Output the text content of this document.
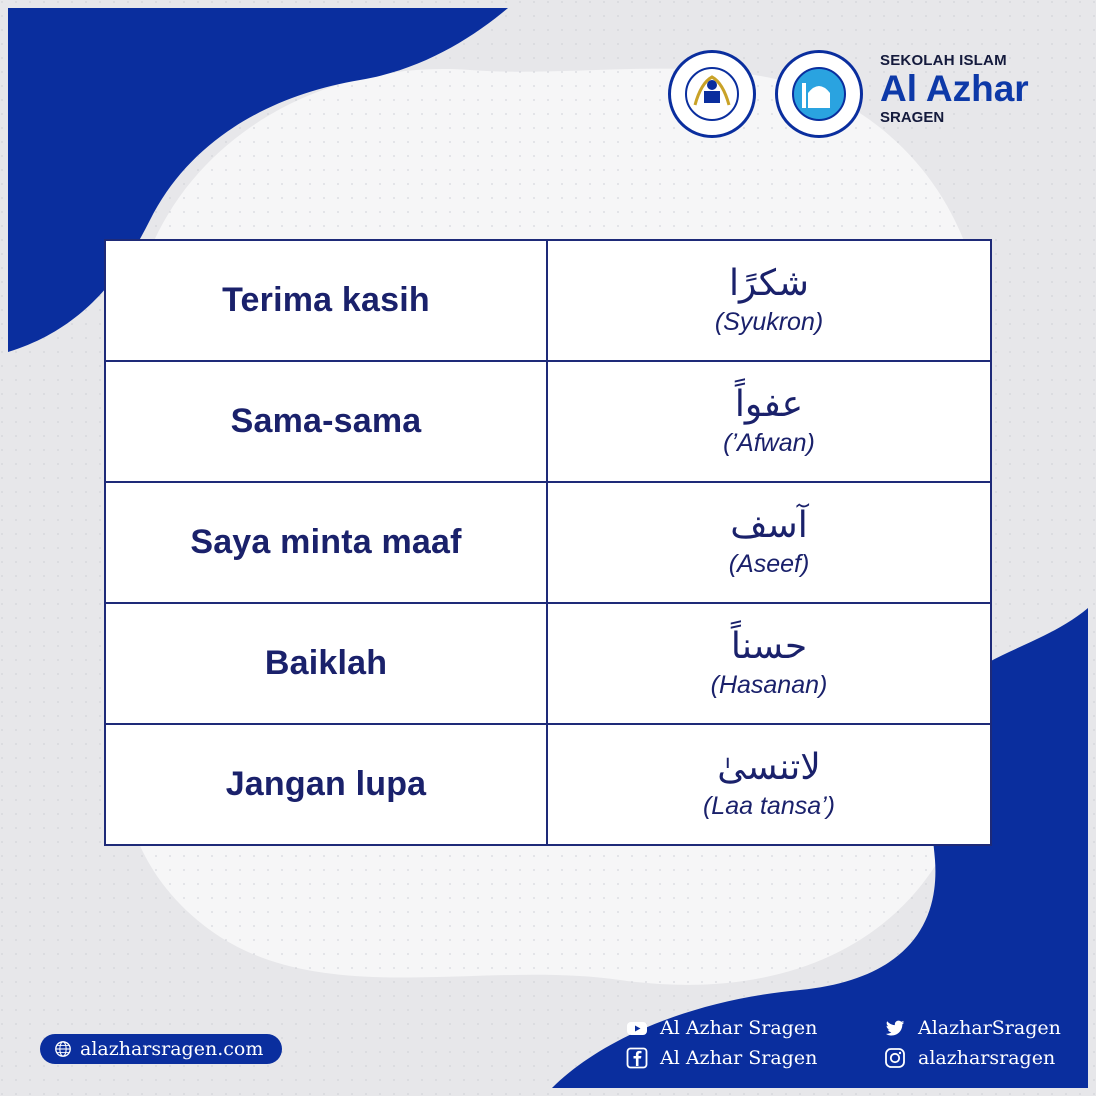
SEKOLAH ISLAM
Al Azhar
SRAGEN
Terima kasih	شكرًا
(Syukron)

Sama-sama	عفواً
(’Afwan)

Saya minta maaf	آسف
(Aseef)

Baiklah	حسناً
(Hasanan)

Jangan lupa	لاتنسىٰ
(Laa tansa’)
alazharsragen.com
Al Azhar Sragen
Al Azhar Sragen
AlazharSragen
alazharsragen
